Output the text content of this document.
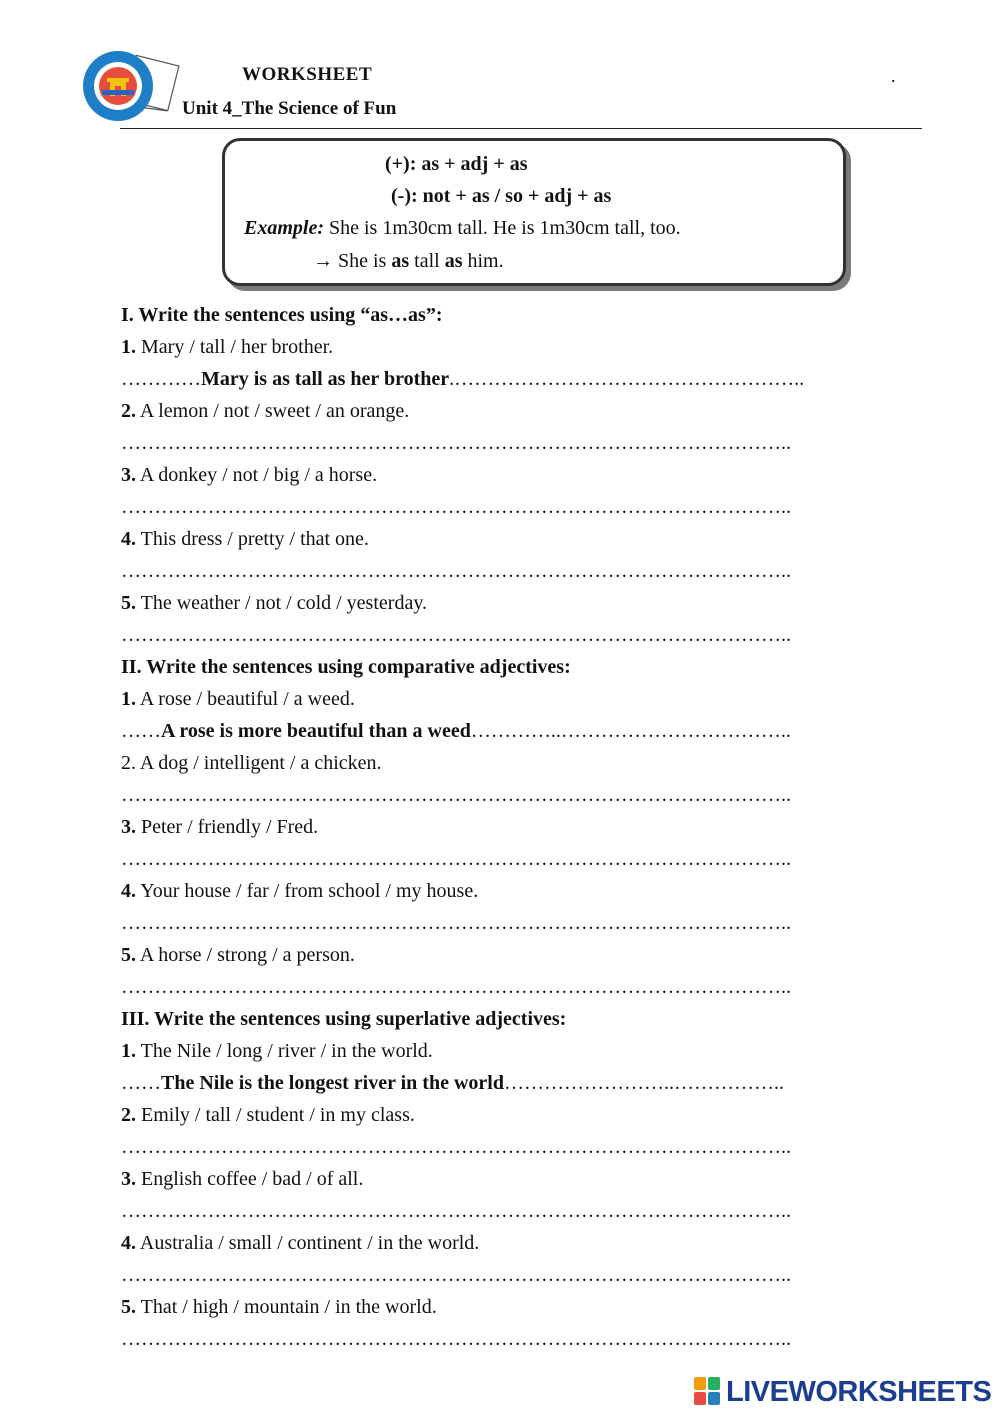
WORKSHEET
Unit 4_The Science of Fun
.
(+): as + adj + as
(-): not + as / so + adj + as
Example: She is 1m30cm tall. He is 1m30cm tall, too.
→ She is as tall as him.
I. Write the sentences using “as…as”:
1. Mary / tall / her brother.
…………Mary is as tall as her brother.……………………………………………..
2. A lemon / not / sweet / an orange.
………………………………………………………………………………………..
3. A donkey / not / big / a horse.
………………………………………………………………………………………..
4. This dress / pretty / that one.
………………………………………………………………………………………..
5. The weather / not / cold / yesterday.
………………………………………………………………………………………..
II. Write the sentences using comparative adjectives:
1. A rose / beautiful / a weed.
……A rose is more beautiful than a weed…………..……………………………..
2. A dog / intelligent / a chicken.
………………………………………………………………………………………..
3. Peter / friendly / Fred.
………………………………………………………………………………………..
4. Your house / far / from school / my house.
………………………………………………………………………………………..
5. A horse / strong / a person.
………………………………………………………………………………………..
III. Write the sentences using superlative adjectives:
1. The Nile / long / river / in the world.
……The Nile is the longest river in the world……………………..……………..
2. Emily / tall / student / in my class.
………………………………………………………………………………………..
3. English coffee / bad / of all.
………………………………………………………………………………………..
4. Australia / small / continent / in the world.
………………………………………………………………………………………..
5. That / high / mountain / in the world.
………………………………………………………………………………………..
LIVEWORKSHEETS
